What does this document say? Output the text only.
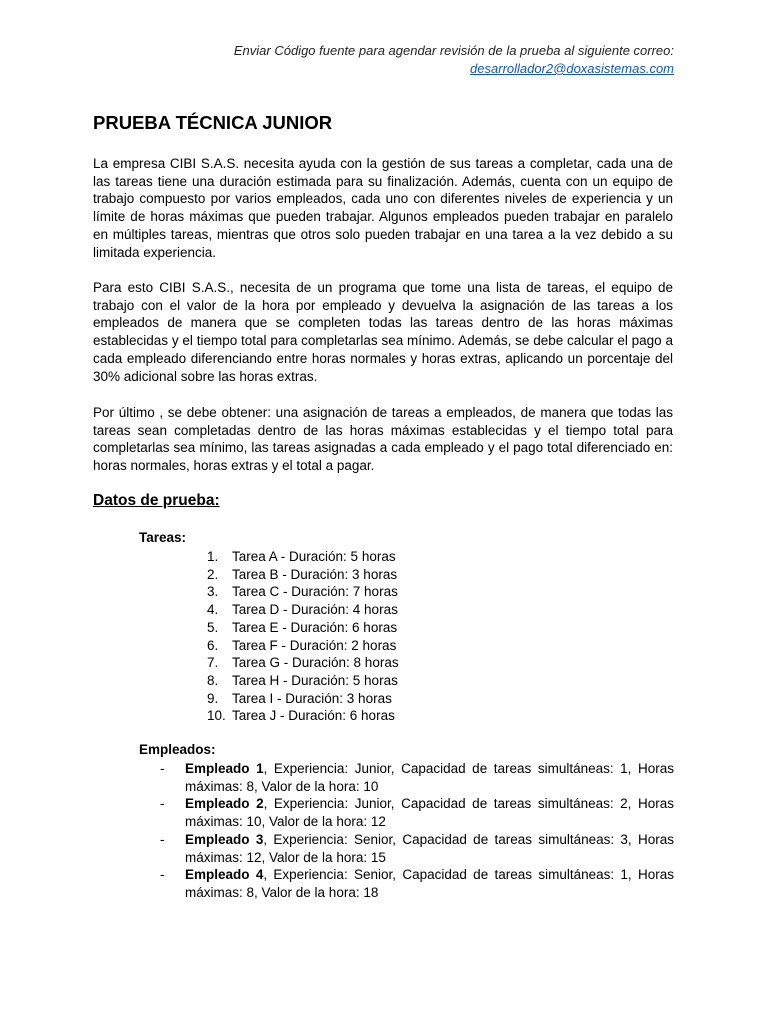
Enviar Código fuente para agendar revisión de la prueba al siguiente correo:
desarrollador2@doxasistemas.com
PRUEBA TÉCNICA JUNIOR

La empresa CIBI S.A.S. necesita ayuda con la gestión de sus tareas a completar, cada una de las tareas tiene una duración estimada para su finalización. Además, cuenta con un equipo de trabajo compuesto por varios empleados, cada uno con diferentes niveles de experiencia y un límite de horas máximas que pueden trabajar. Algunos empleados pueden trabajar en paralelo en múltiples tareas, mientras que otros solo pueden trabajar en una tarea a la vez debido a su limitada experiencia.

Para esto CIBI S.A.S., necesita de un programa que tome una lista de tareas, el equipo de trabajo con el valor de la hora por empleado y devuelva la asignación de las tareas a los empleados de manera que se completen todas las tareas dentro de las horas máximas establecidas y el tiempo total para completarlas sea mínimo. Además, se debe calcular el pago a cada empleado diferenciando entre horas normales y horas extras, aplicando un porcentaje del 30% adicional sobre las horas extras.

Por último , se debe obtener: una asignación de tareas a empleados, de manera que todas las tareas sean completadas dentro de las horas máximas establecidas y el tiempo total para completarlas sea mínimo, las tareas asignadas a cada empleado y el pago total diferenciado en: horas normales, horas extras y el total a pagar.

Datos de prueba:
Tareas:
1.	Tarea A - Duración: 5 horas
2.	Tarea B - Duración: 3 horas
3.	Tarea C - Duración: 7 horas
4.	Tarea D - Duración: 4 horas
5.	Tarea E - Duración: 6 horas
6.	Tarea F - Duración: 2 horas
7.	Tarea G - Duración: 8 horas
8.	Tarea H - Duración: 5 horas
9.	Tarea I - Duración: 3 horas
10. Tarea J - Duración: 6 horas
Empleados:
-	Empleado 1, Experiencia: Junior, Capacidad de tareas simultáneas: 1, Horas máximas: 8, Valor de la hora: 10
-	Empleado 2, Experiencia: Junior, Capacidad de tareas simultáneas: 2, Horas máximas: 10, Valor de la hora: 12
-	Empleado 3, Experiencia: Senior, Capacidad de tareas simultáneas: 3, Horas máximas: 12, Valor de la hora: 15
-	Empleado 4, Experiencia: Senior, Capacidad de tareas simultáneas: 1, Horas máximas: 8, Valor de la hora: 18
